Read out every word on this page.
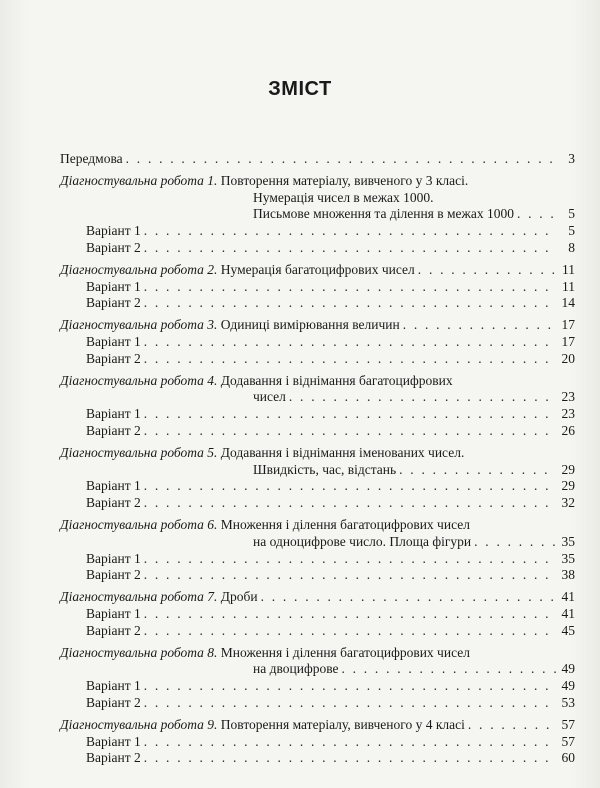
ЗМІСТ
Передмова . . .	3
Діагностувальна робота 1.
Повторення матеріалу, вивченого у 3 класі.
Нумерація чисел в межах 1000.
Письмове множення та ділення в межах 1000 . . .	5
Варіант 1 . . .	5
Варіант 2 . . .	8
Діагностувальна робота 2.
Нумерація багатоцифрових чисел . . .	11
Варіант 1 . . .	11
Варіант 2 . . .	14
Діагностувальна робота 3.
Одиниці вимірювання величин . . .	17
Варіант 1 . . .	17
Варіант 2 . . .	20
Діагностувальна робота 4.
Додавання і віднімання багатоцифрових
чисел . . .	23
Варіант 1 . . .	23
Варіант 2 . . .	26
Діагностувальна робота 5.
Додавання і віднімання іменованих чисел.
Швидкість, час, відстань . . .	29
Варіант 1 . . .	29
Варіант 2 . . .	32
Діагностувальна робота 6.
Множення і ділення багатоцифрових чисел
на одноцифрове число. Площа фігури . . .	35
Варіант 1 . . .	35
Варіант 2 . . .	38
Діагностувальна робота 7.
Дроби . . .	41
Варіант 1 . . .	41
Варіант 2 . . .	45
Діагностувальна робота 8.
Множення і ділення багатоцифрових чисел
на двоцифрове . . .	49
Варіант 1 . . .	49
Варіант 2 . . .	53
Діагностувальна робота 9.
Повторення матеріалу, вивченого у 4 класі . . .	57
Варіант 1 . . .	57
Варіант 2 . . .	60
